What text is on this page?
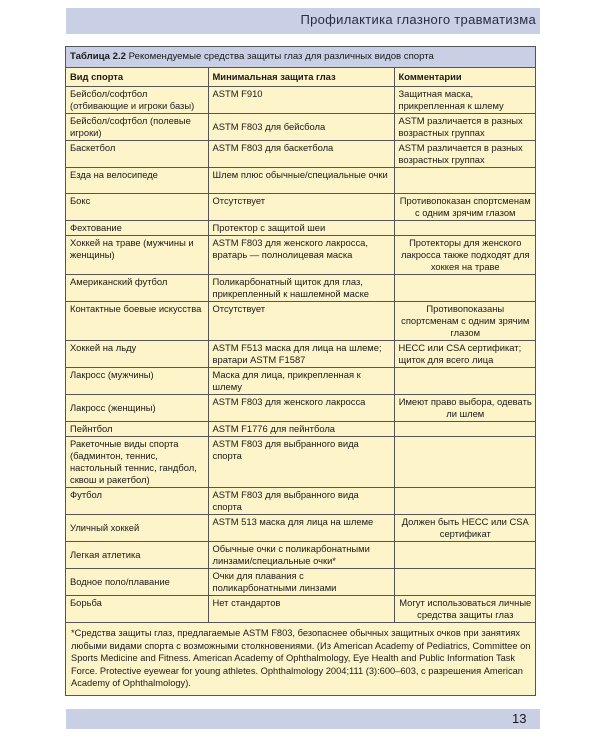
Профилактика глазного травматизма
Таблица 2.2 Рекомендуемые средства защиты глаз для различных видов спорта
Вид спорта	Минимальная защита глаз	Комментарии
Бейсбол/софтбол (отбивающие и игроки базы)	ASTM F910	Защитная маска, прикрепленная к шлему
Бейсбол/софтбол (полевые игроки)	ASTM F803 для бейсбола	ASTM различается в разных возрастных группах
Баскетбол	ASTM F803 для баскетбола	ASTM различается в разных возрастных группах
Езда на велосипеде	Шлем плюс обычные/специальные очки	
Бокс	Отсутствует	Противопоказан спортсменам с одним зрячим глазом
Фехтование	Протектор с защитой шеи	
Хоккей на траве (мужчины и женщины)	ASTM F803 для женского лакросса, вратарь — полнолицевая маска	Протекторы для женского лакросса также подходят для хоккея на траве
Американский футбол	Поликарбонатный щиток для глаз, прикрепленный к нашлемной маске	
Контактные боевые искусства	Отсутствует	Противопоказаны спортсменам с одним зрячим глазом
Хоккей на льду	ASTM F513 маска для лица на шлеме; вратари ASTM F1587	HECC или CSA сертификат; щиток для всего лица
Лакросс (мужчины)	Маска для лица, прикрепленная к шлему	
Лакросс (женщины)	ASTM F803 для женского лакросса	Имеют право выбора, одевать ли шлем
Пейнтбол	ASTM F1776 для пейнтбола	
Ракеточные виды спорта (бадминтон, теннис, настольный теннис, гандбол, сквош и ракетбол)	ASTM F803 для выбранного вида спорта	
Футбол	ASTM F803 для выбранного вида спорта	
Уличный хоккей	ASTM 513 маска для лица на шлеме	Должен быть HECC или CSA сертификат
Легкая атлетика	Обычные очки с поликарбонатными линзами/специальные очки*	
Водное поло/плавание	Очки для плавания с поликарбонатными линзами	
Борьба	Нет стандартов	Могут использоваться личные средства защиты глаз
*Средства защиты глаз, предлагаемые ASTM F803, безопаснее обычных защитных очков при занятиях любыми видами спорта с возможными столкновениями. (Из American Academy of Pediatrics, Committee on Sports Medicine and Fitness. American Academy of Ophthalmology, Eye Health and Public Information Task Force. Protective eyewear for young athletes. Ophthalmology 2004;111 (3):600–603, с разрешения American Academy of Ophthalmology).
13
